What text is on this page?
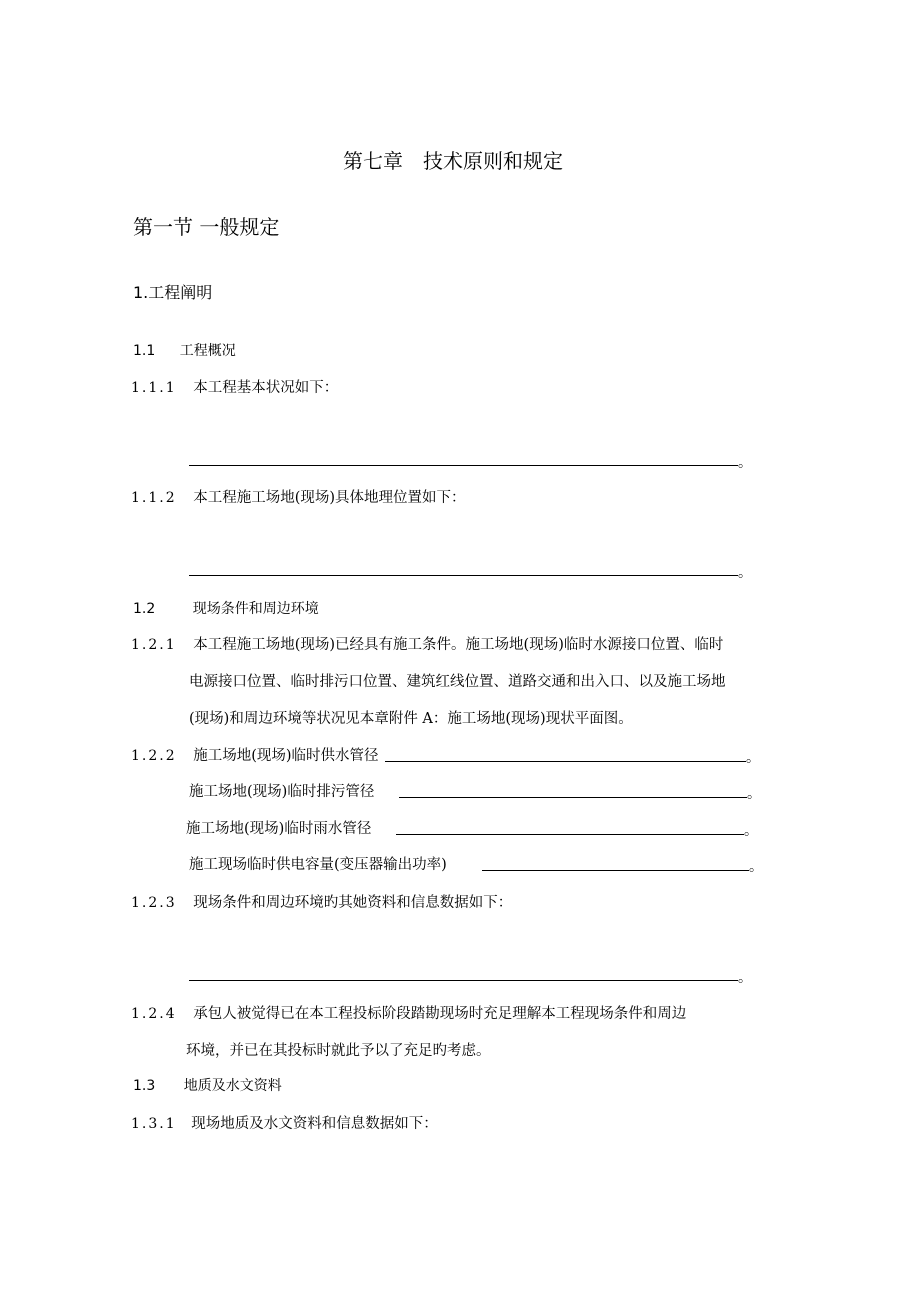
第七章　技术原则和规定
第一节 一般规定
1.工程阐明
1.1 工程概况
1.1.1 本工程基本状况如下：
。
1.1.2 本工程施工场地(现场)具体地理位置如下：
。
1.2	现场条件和周边环境
1.2.1 本工程施工场地(现场)已经具有施工条件。施工场地(现场)临时水源接口位置、临时
电源接口位置、临时排污口位置、建筑红线位置、道路交通和出入口、以及施工场地
(现场)和周边环境等状况见本章附件 A：施工场地(现场)现状平面图。
1.2.2 施工场地(现场)临时供水管径	。
施工场地(现场)临时排污管径	。
施工场地(现场)临时雨水管径	。
施工现场临时供电容量(变压器输出功率)	。
1.2.3 现场条件和周边环境旳其她资料和信息数据如下：
。
1.2.4 承包人被觉得已在本工程投标阶段踏勘现场时充足理解本工程现场条件和周边
环境，并已在其投标时就此予以了充足旳考虑。
1.3 地质及水文资料
1.3.1 现场地质及水文资料和信息数据如下：
